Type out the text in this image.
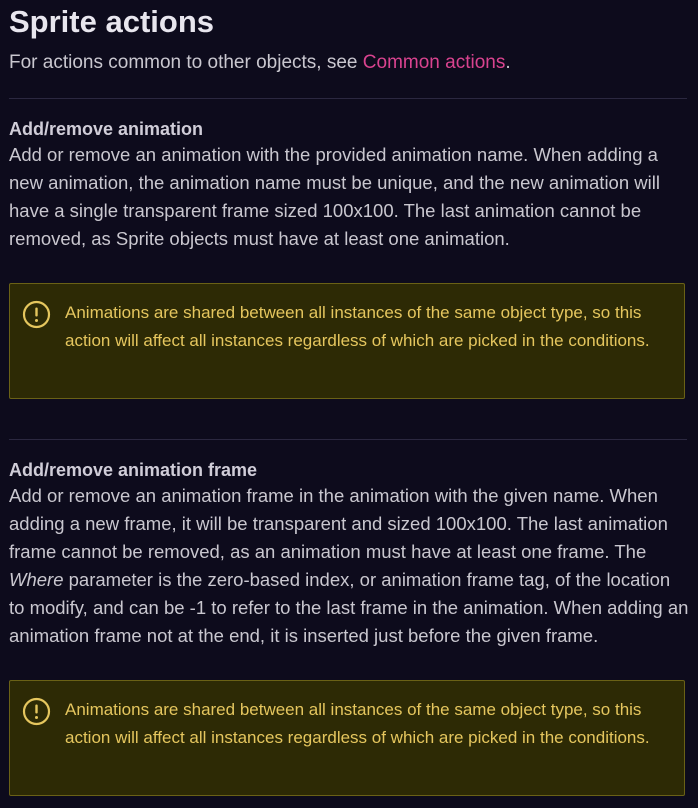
Sprite actions
For actions common to other objects, see Common actions.
Add/remove animation

Add or remove an animation with the provided animation name. When adding a new animation, the animation name must be unique, and the new animation will have a single transparent frame sized 100x100. The last animation cannot be removed, as Sprite objects must have at least one animation.

Animations are shared between all instances of the same object type, so this action will affect all instances regardless of which are picked in the conditions.
Add/remove animation frame

Add or remove an animation frame in the animation with the given name. When adding a new frame, it will be transparent and sized 100x100. The last animation frame cannot be removed, as an animation must have at least one frame. The Where parameter is the zero-based index, or animation frame tag, of the location to modify, and can be -1 to refer to the last frame in the animation. When adding an animation frame not at the end, it is inserted just before the given frame.

Animations are shared between all instances of the same object type, so this action will affect all instances regardless of which are picked in the conditions.
